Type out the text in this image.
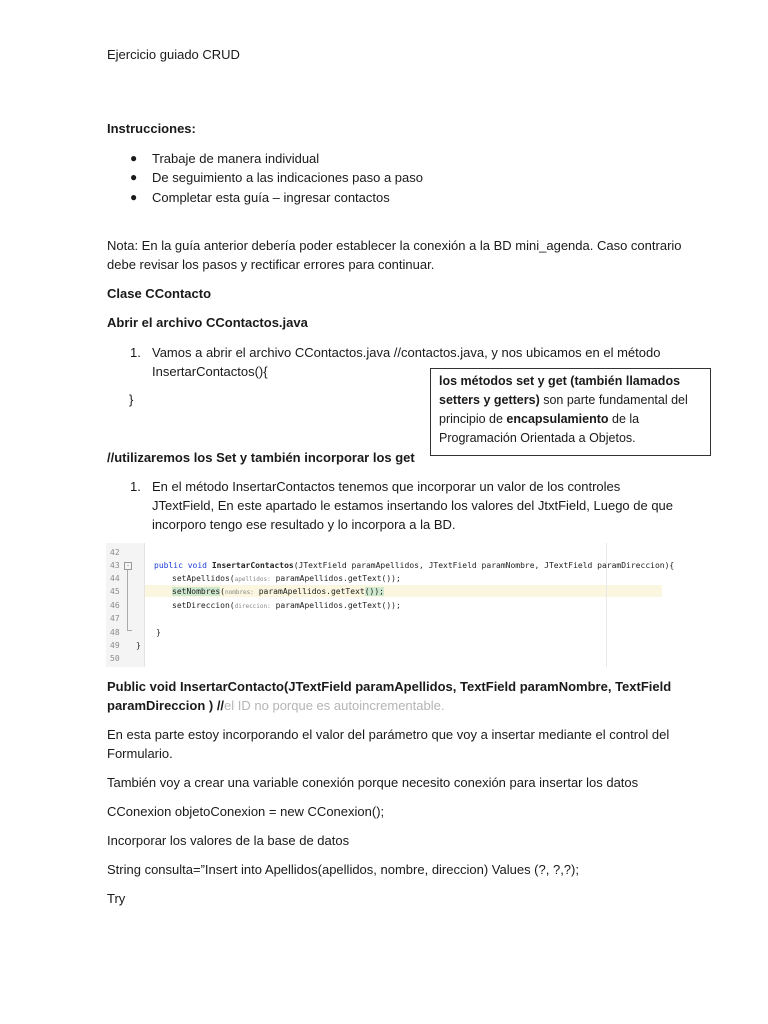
Ejercicio guiado CRUD
Instrucciones:
● Trabaje de manera individual
● De seguimiento a las indicaciones paso a paso
● Completar esta guía – ingresar contactos
Nota: En la guía anterior debería poder establecer la conexión a la BD mini_agenda. Caso contrario
debe revisar los pasos y rectificar errores para continuar.
Clase CContacto
Abrir el archivo CContactos.java
1. Vamos a abrir el archivo CContactos.java //contactos.java, y nos ubicamos en el método
InsertarContactos(){
}
los métodos set y get (también llamados
setters y getters) son parte fundamental del
principio de encapsulamiento de la
Programación Orientada a Objetos.
//utilizaremos los Set y también incorporar los get
1. En el método InsertarContactos tenemos que incorporar un valor de los controles
JTextField, En este apartado le estamos insertando los valores del JtxtField, Luego de que
incorporo tengo ese resultado y lo incorpora a la BD.
42
43
44
45
46
47
48
49
50
-	public void InsertarContactos(JTextField paramApellidos, JTextField paramNombre, JTextField paramDireccion){
setApellidos(apellidos: paramApellidos.getText());
setNombres(nombres: paramApellidos.getText());
setDireccion(direccion: paramApellidos.getText());
}
}
Public void InsertarContacto(JTextField paramApellidos, TextField paramNombre, TextField
paramDireccion ) //el ID no porque es autoincrementable.
En esta parte estoy incorporando el valor del parámetro que voy a insertar mediante el control del
Formulario.
También voy a crear una variable conexión porque necesito conexión para insertar los datos
CConexion objetoConexion = new CConexion();
Incorporar los valores de la base de datos
String consulta=”Insert into Apellidos(apellidos, nombre, direccion) Values (?, ?,?);
Try
